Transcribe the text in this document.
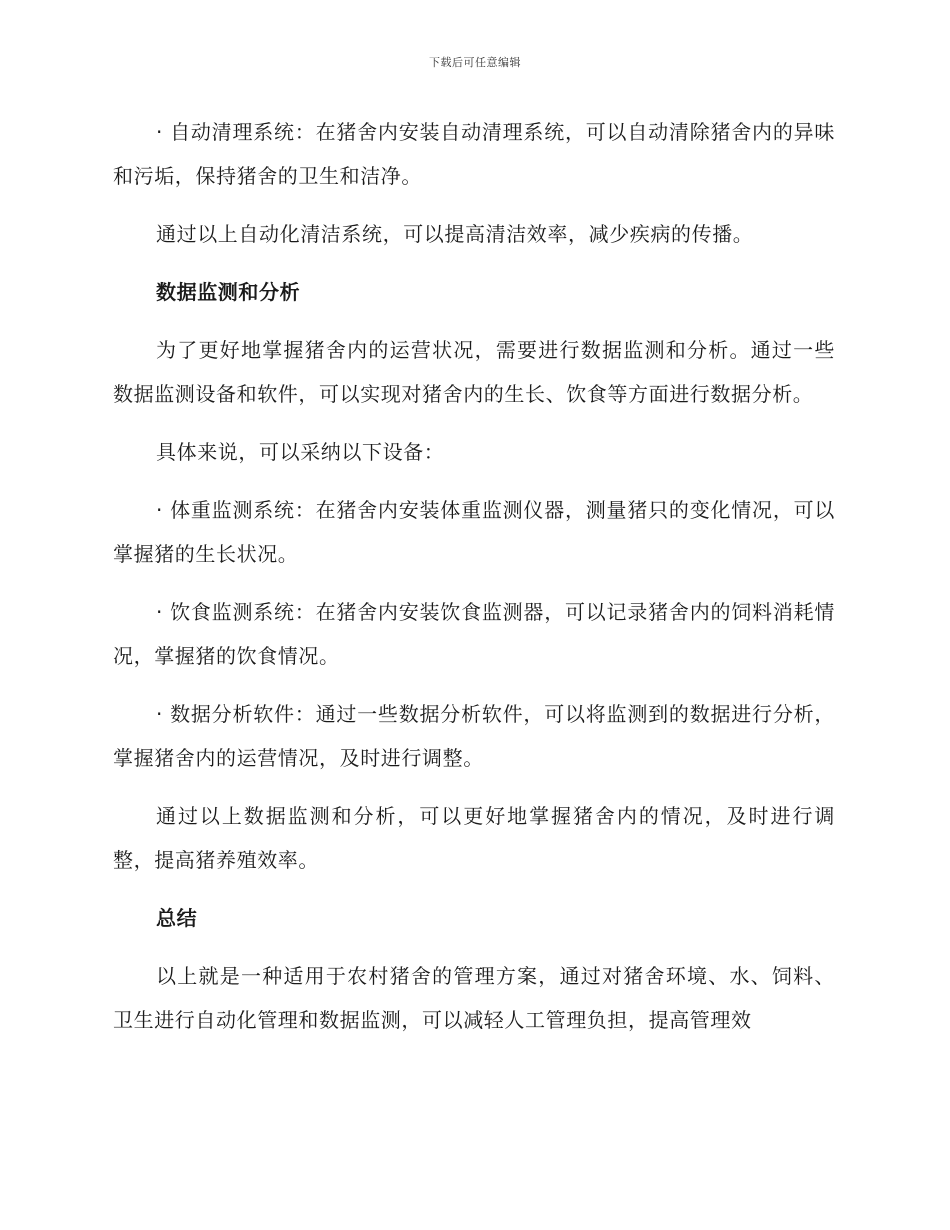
下载后可任意编辑

· 自动清理系统：在猪舍内安装自动清理系统，可以自动清除猪舍内的异味和污垢，保持猪舍的卫生和洁净。

通过以上自动化清洁系统，可以提高清洁效率，减少疾病的传播。

数据监测和分析

为了更好地掌握猪舍内的运营状况，需要进行数据监测和分析。通过一些数据监测设备和软件，可以实现对猪舍内的生长、饮食等方面进行数据分析。

具体来说，可以采纳以下设备：

· 体重监测系统：在猪舍内安装体重监测仪器，测量猪只的变化情况，可以掌握猪的生长状况。

· 饮食监测系统：在猪舍内安装饮食监测器，可以记录猪舍内的饲料消耗情况，掌握猪的饮食情况。

· 数据分析软件：通过一些数据分析软件，可以将监测到的数据进行分析，掌握猪舍内的运营情况，及时进行调整。

通过以上数据监测和分析，可以更好地掌握猪舍内的情况，及时进行调整，提高猪养殖效率。

总结

以上就是一种适用于农村猪舍的管理方案，通过对猪舍环境、水、饲料、卫生进行自动化管理和数据监测，可以减轻人工管理负担，提高管理效
